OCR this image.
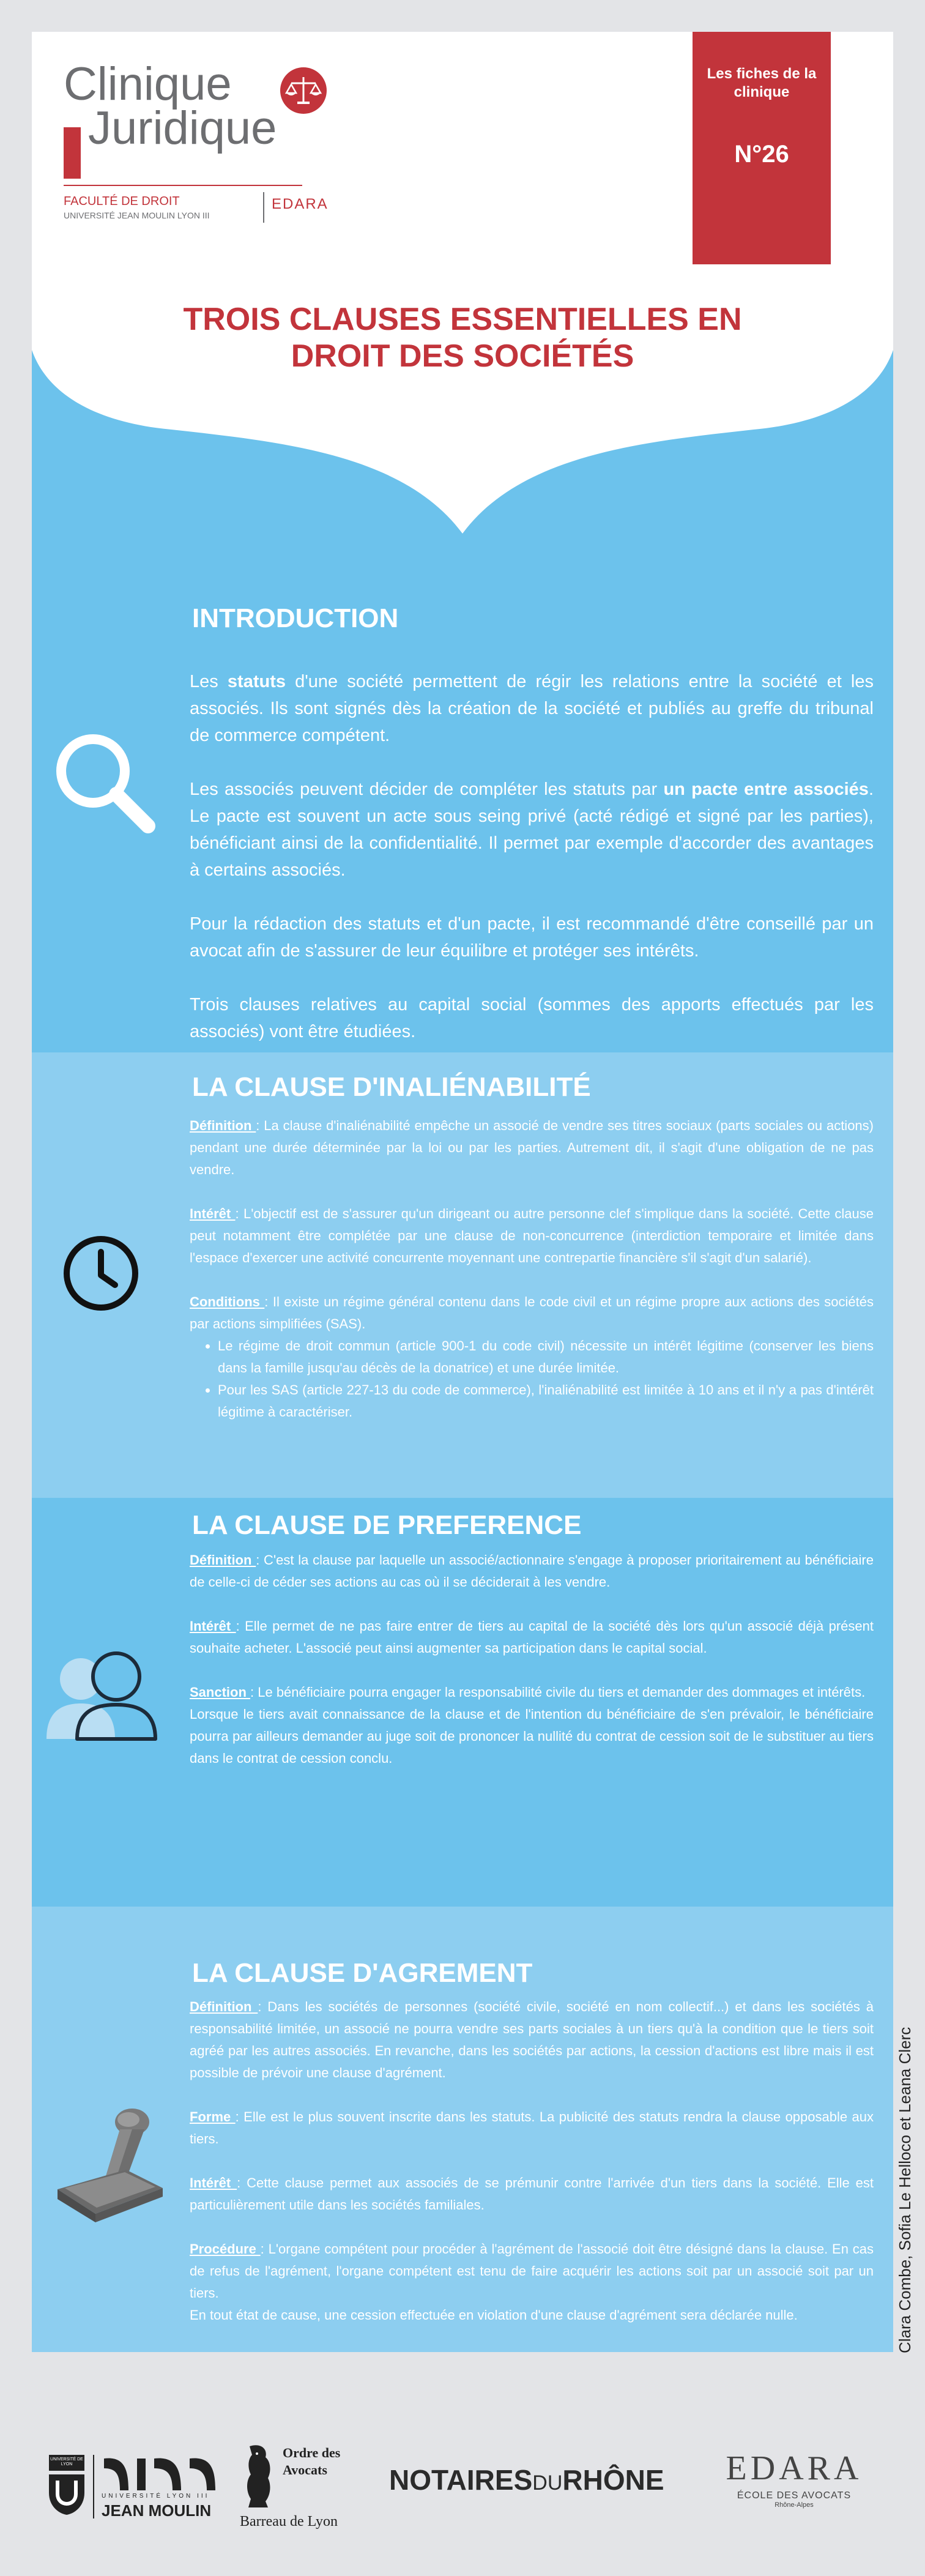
Clinique
Juridique
FACULTÉ DE DROIT
UNIVERSITÉ JEAN MOULIN LYON III
EDARA
Les fiches de la clinique
N°26
TROIS CLAUSES ESSENTIELLES EN DROIT DES SOCIÉTÉS
INTRODUCTION

Les statuts d'une société permettent de régir les relations entre la société et les associés. Ils sont signés dès la création de la société et publiés au greffe du tribunal de commerce compétent.

Les associés peuvent décider de compléter les statuts par un pacte entre associés. Le pacte est souvent un acte sous seing privé (acté rédigé et signé par les parties), bénéficiant ainsi de la confidentialité. Il permet par exemple d'accorder des avantages à certains associés.

Pour la rédaction des statuts et d'un pacte, il est recommandé d'être conseillé par un avocat afin de s'assurer de leur équilibre et protéger ses intérêts.

Trois clauses relatives au capital social (sommes des apports effectués par les associés) vont être étudiées.

LA CLAUSE D'INALIÉNABILITÉ

Définition : La clause d'inaliénabilité empêche un associé de vendre ses titres sociaux (parts sociales ou actions) pendant une durée déterminée par la loi ou par les parties. Autrement dit, il s'agit d'une obligation de ne pas vendre.

Intérêt : L'objectif est de s'assurer qu'un dirigeant ou autre personne clef s'implique dans la société. Cette clause peut notamment être complétée par une clause de non-concurrence (interdiction temporaire et limitée dans l'espace d'exercer une activité concurrente moyennant une contrepartie financière s'il s'agit d'un salarié).

Conditions : Il existe un régime général contenu dans le code civil et un régime propre aux actions des sociétés par actions simplifiées (SAS).

• Le régime de droit commun (article 900-1 du code civil) nécessite un intérêt légitime (conserver les biens dans la famille jusqu'au décès de la donatrice) et une durée limitée.
• Pour les SAS (article 227-13 du code de commerce), l'inaliénabilité est limitée à 10 ans et il n'y a pas d'intérêt légitime à caractériser.
LA CLAUSE DE PREFERENCE

Définition : C'est la clause par laquelle un associé/actionnaire s'engage à proposer prioritairement au bénéficiaire de celle-ci de céder ses actions au cas où il se déciderait à les vendre.

Intérêt : Elle permet de ne pas faire entrer de tiers au capital de la société dès lors qu'un associé déjà présent souhaite acheter. L'associé peut ainsi augmenter sa participation dans le capital social.

Sanction : Le bénéficiaire pourra engager la responsabilité civile du tiers et demander des dommages et intérêts.

Lorsque le tiers avait connaissance de la clause et de l'intention du bénéficiaire de s'en prévaloir, le bénéficiaire pourra par ailleurs demander au juge soit de prononcer la nullité du contrat de cession soit de le substituer au tiers dans le contrat de cession conclu.

LA CLAUSE D'AGREMENT

Définition : Dans les sociétés de personnes (société civile, société en nom collectif...) et dans les sociétés à responsabilité limitée, un associé ne pourra vendre ses parts sociales à un tiers qu'à la condition que le tiers soit agréé par les autres associés. En revanche, dans les sociétés par actions, la cession d'actions est libre mais il est possible de prévoir une clause d'agrément.

Forme : Elle est le plus souvent inscrite dans les statuts. La publicité des statuts rendra la clause opposable aux tiers.

Intérêt : Cette clause permet aux associés de se prémunir contre l'arrivée d'un tiers dans la société. Elle est particulièrement utile dans les sociétés familiales.

Procédure : L'organe compétent pour procéder à l'agrément de l'associé doit être désigné dans la clause. En cas de refus de l'agrément, l'organe compétent est tenu de faire acquérir les actions soit par un associé soit par un tiers.

En tout état de cause, une cession effectuée en violation d'une clause d'agrément sera déclarée nulle.	Clara Combe, Sofia Le Helloco et Leana Clerc
UNIVERSITÉ DE LYON
UNIVERSITÉ LYON III
JEAN MOULIN
Ordre des
Avocats
Barreau de Lyon
NOTAIRESDURHÔNE	EDARA
ÉCOLE DES AVOCATS
Rhône-Alpes
